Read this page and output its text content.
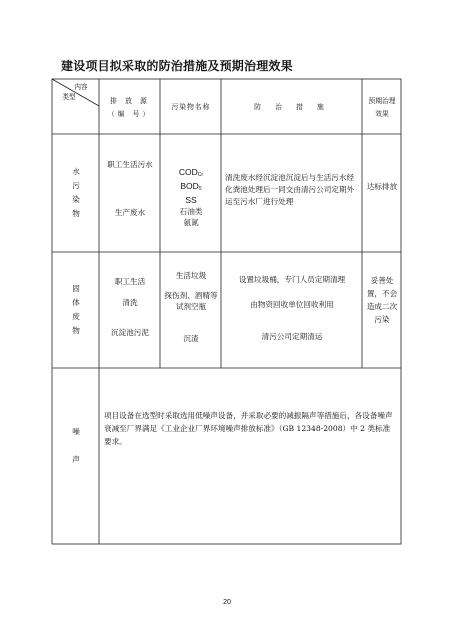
建设项目拟采取的防治措施及预期治理效果
内容
类型	排 放 源
（编 号）
污染物名称	防 治 措 施
预期治理
效果
水污染物
职工生活污水
生产废水
$COD_{Cr}$
$BOD_5$
SS
石油类
氨氮
清洗废水经沉淀池沉淀后与生活污水经化粪池处理后一同交由清污公司定期外运至污水厂进行处理
达标排放
固体废物
职工生活
清洗
沉淀池污泥
生活垃圾
探伤剂、酒精等试剂空瓶
沉渣
设置垃圾桶，专门人员定期清理
由物资回收单位回收利用
清污公司定期清运
妥善处置，不会造成二次污染
噪声
项目设备在选型时采取选用低噪声设备，并采取必要的减振隔声等措施后，各设备噪声衰减至厂界满足《工业企业厂界环境噪声排放标准》（GB 12348-2008）中 2 类标准要求。
20
